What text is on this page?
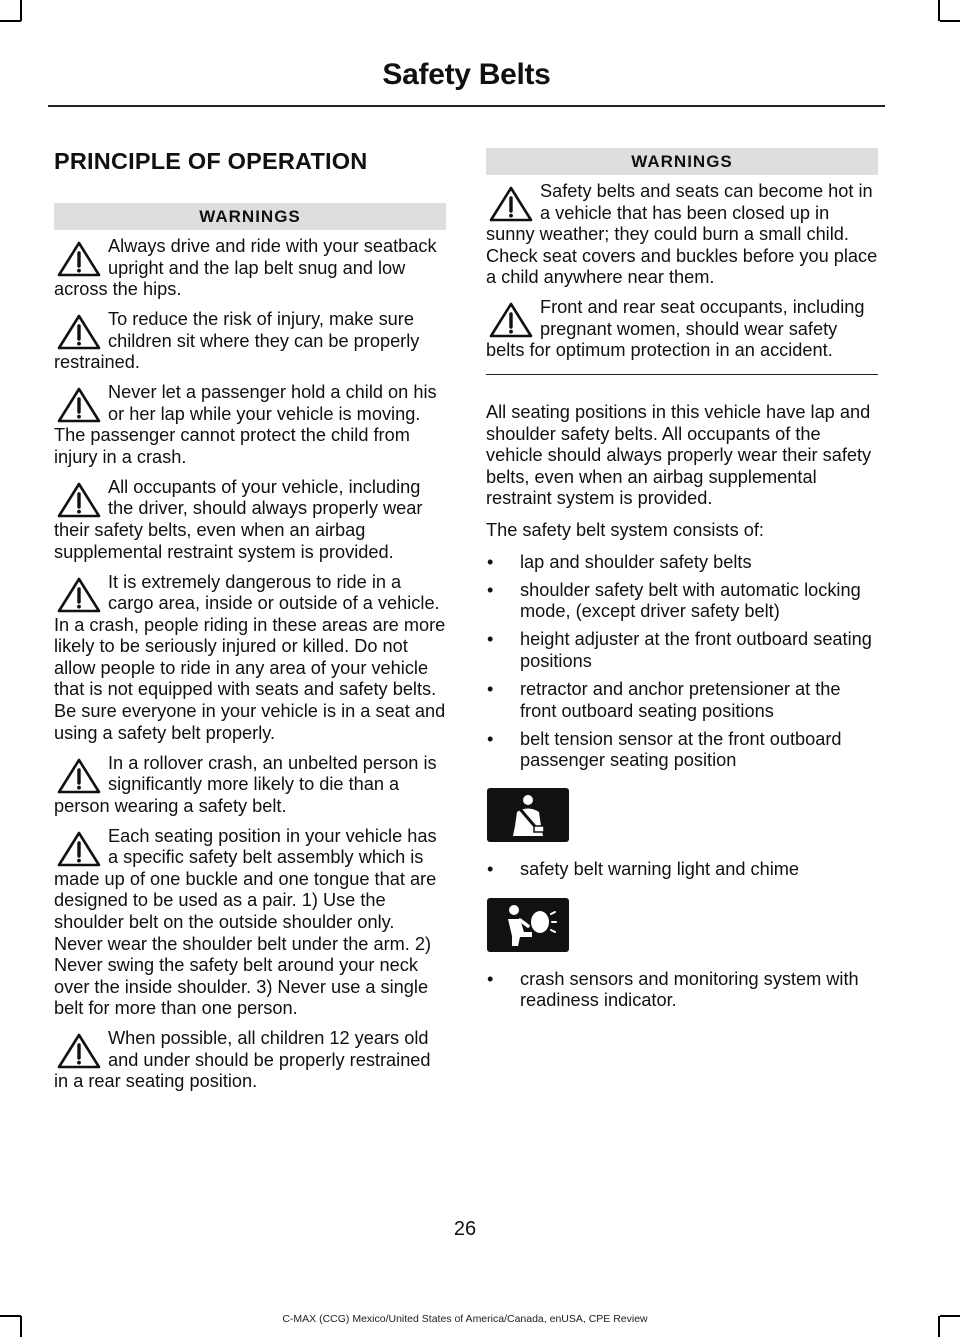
Safety Belts
PRINCIPLE OF OPERATION
WARNINGS
Always drive and ride with your seatback upright and the lap belt snug and low across the hips.
To reduce the risk of injury, make sure children sit where they can be properly restrained.
Never let a passenger hold a child on his or her lap while your vehicle is moving. The passenger cannot protect the child from injury in a crash.
All occupants of your vehicle, including the driver, should always properly wear their safety belts, even when an airbag supplemental restraint system is provided.
It is extremely dangerous to ride in a cargo area, inside or outside of a vehicle. In a crash, people riding in these areas are more likely to be seriously injured or killed. Do not allow people to ride in any area of your vehicle that is not equipped with seats and safety belts. Be sure everyone in your vehicle is in a seat and using a safety belt properly.
In a rollover crash, an unbelted person is significantly more likely to die than a person wearing a safety belt.
Each seating position in your vehicle has a specific safety belt assembly which is made up of one buckle and one tongue that are designed to be used as a pair. 1) Use the shoulder belt on the outside shoulder only. Never wear the shoulder belt under the arm. 2) Never swing the safety belt around your neck over the inside shoulder. 3) Never use a single belt for more than one person.
When possible, all children 12 years old and under should be properly restrained in a rear seating position.
WARNINGS
Safety belts and seats can become hot in a vehicle that has been closed up in sunny weather; they could burn a small child. Check seat covers and buckles before you place a child anywhere near them.
Front and rear seat occupants, including pregnant women, should wear safety belts for optimum protection in an accident.

All seating positions in this vehicle have lap and shoulder safety belts. All occupants of the vehicle should always properly wear their safety belts, even when an airbag supplemental restraint system is provided.

The safety belt system consists of:

• lap and shoulder safety belts
• shoulder safety belt with automatic locking mode, (except driver safety belt)
• height adjuster at the front outboard seating positions
• retractor and anchor pretensioner at the front outboard seating positions
• belt tension sensor at the front outboard passenger seating position
• safety belt warning light and chime
• crash sensors and monitoring system with readiness indicator.
26
C-MAX (CCG) Mexico/United States of America/Canada, enUSA, CPE Review
